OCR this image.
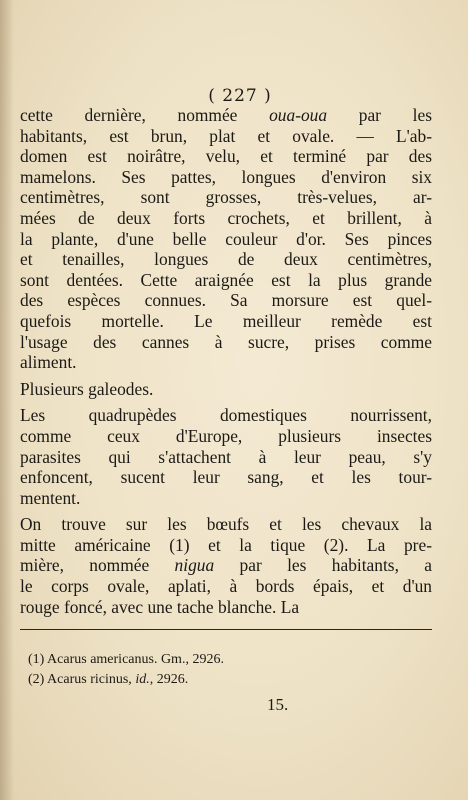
( 227 )
cette dernière, nommée oua-oua par les
habitants, est brun, plat et ovale. — L'ab-
domen est noirâtre, velu, et terminé par des
mamelons. Ses pattes, longues d'environ six
centimètres, sont grosses, très-velues, ar-
mées de deux forts crochets, et brillent, à
la plante, d'une belle couleur d'or. Ses pinces
et tenailles, longues de deux centimètres,
sont dentées. Cette araignée est la plus grande
des espèces connues. Sa morsure est quel-
quefois mortelle. Le meilleur remède est
l'usage des cannes à sucre, prises comme
aliment.
Plusieurs galeodes.
Les quadrupèdes domestiques nourrissent,
comme ceux d'Europe, plusieurs insectes
parasites qui s'attachent à leur peau, s'y
enfoncent, sucent leur sang, et les tour-
mentent.
On trouve sur les bœufs et les chevaux la
mitte américaine (1) et la tique (2). La pre-
mière, nommée nigua par les habitants, a
le corps ovale, aplati, à bords épais, et d'un
rouge foncé, avec une tache blanche. La
(1) Acarus americanus. Gm., 2926.
(2) Acarus ricinus, id., 2926.
15.
